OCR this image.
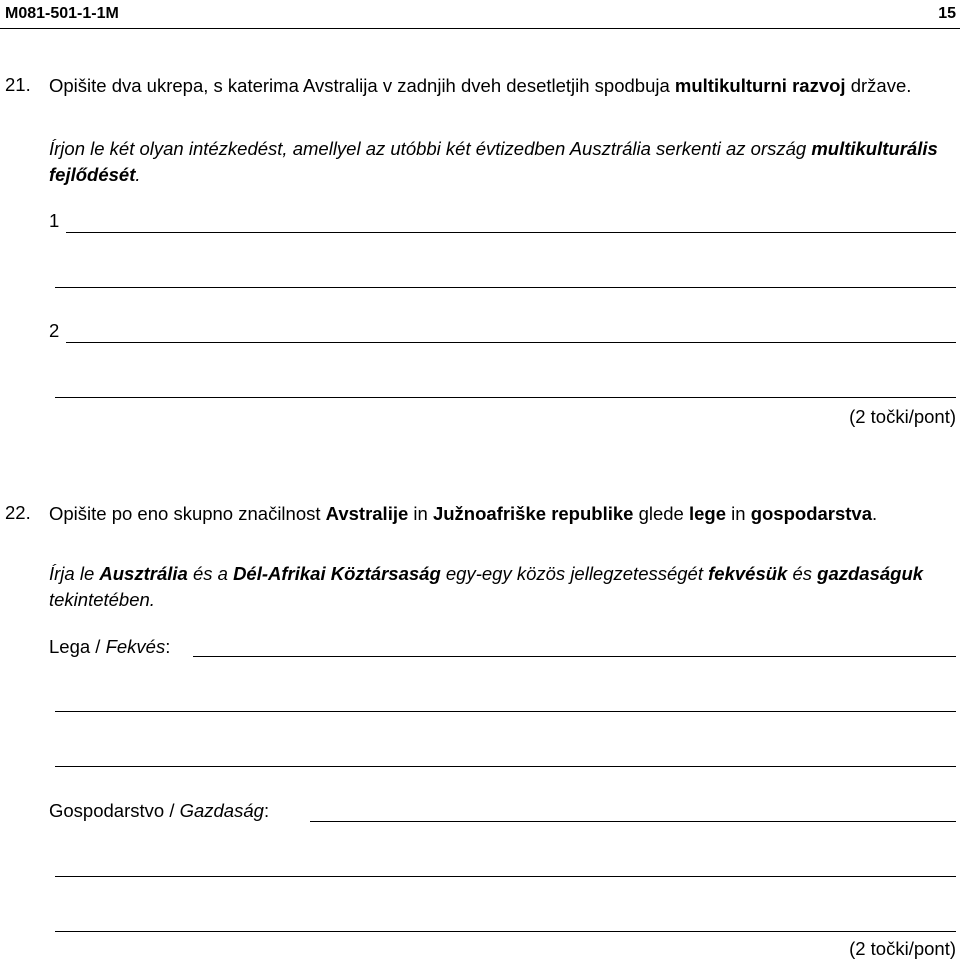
M081-501-1-1M	15
21. Opišite dva ukrepa, s katerima Avstralija v zadnjih dveh desetletjih spodbuja multikulturni razvoj države.

Írjon le két olyan intézkedést, amellyel az utóbbi két évtizedben Ausztrália serkenti az ország multikulturális fejlődését.

1
2
(2 točki/pont)
22. Opišite po eno skupno značilnost Avstralije in Južnoafriške republike glede lege in gospodarstva.

Írja le Ausztrália és a Dél-Afrikai Köztársaság egy-egy közös jellegzetességét fekvésük és gazdaságuk tekintetében.

Lega / Fekvés:
Gospodarstvo / Gazdaság:
(2 točki/pont)
